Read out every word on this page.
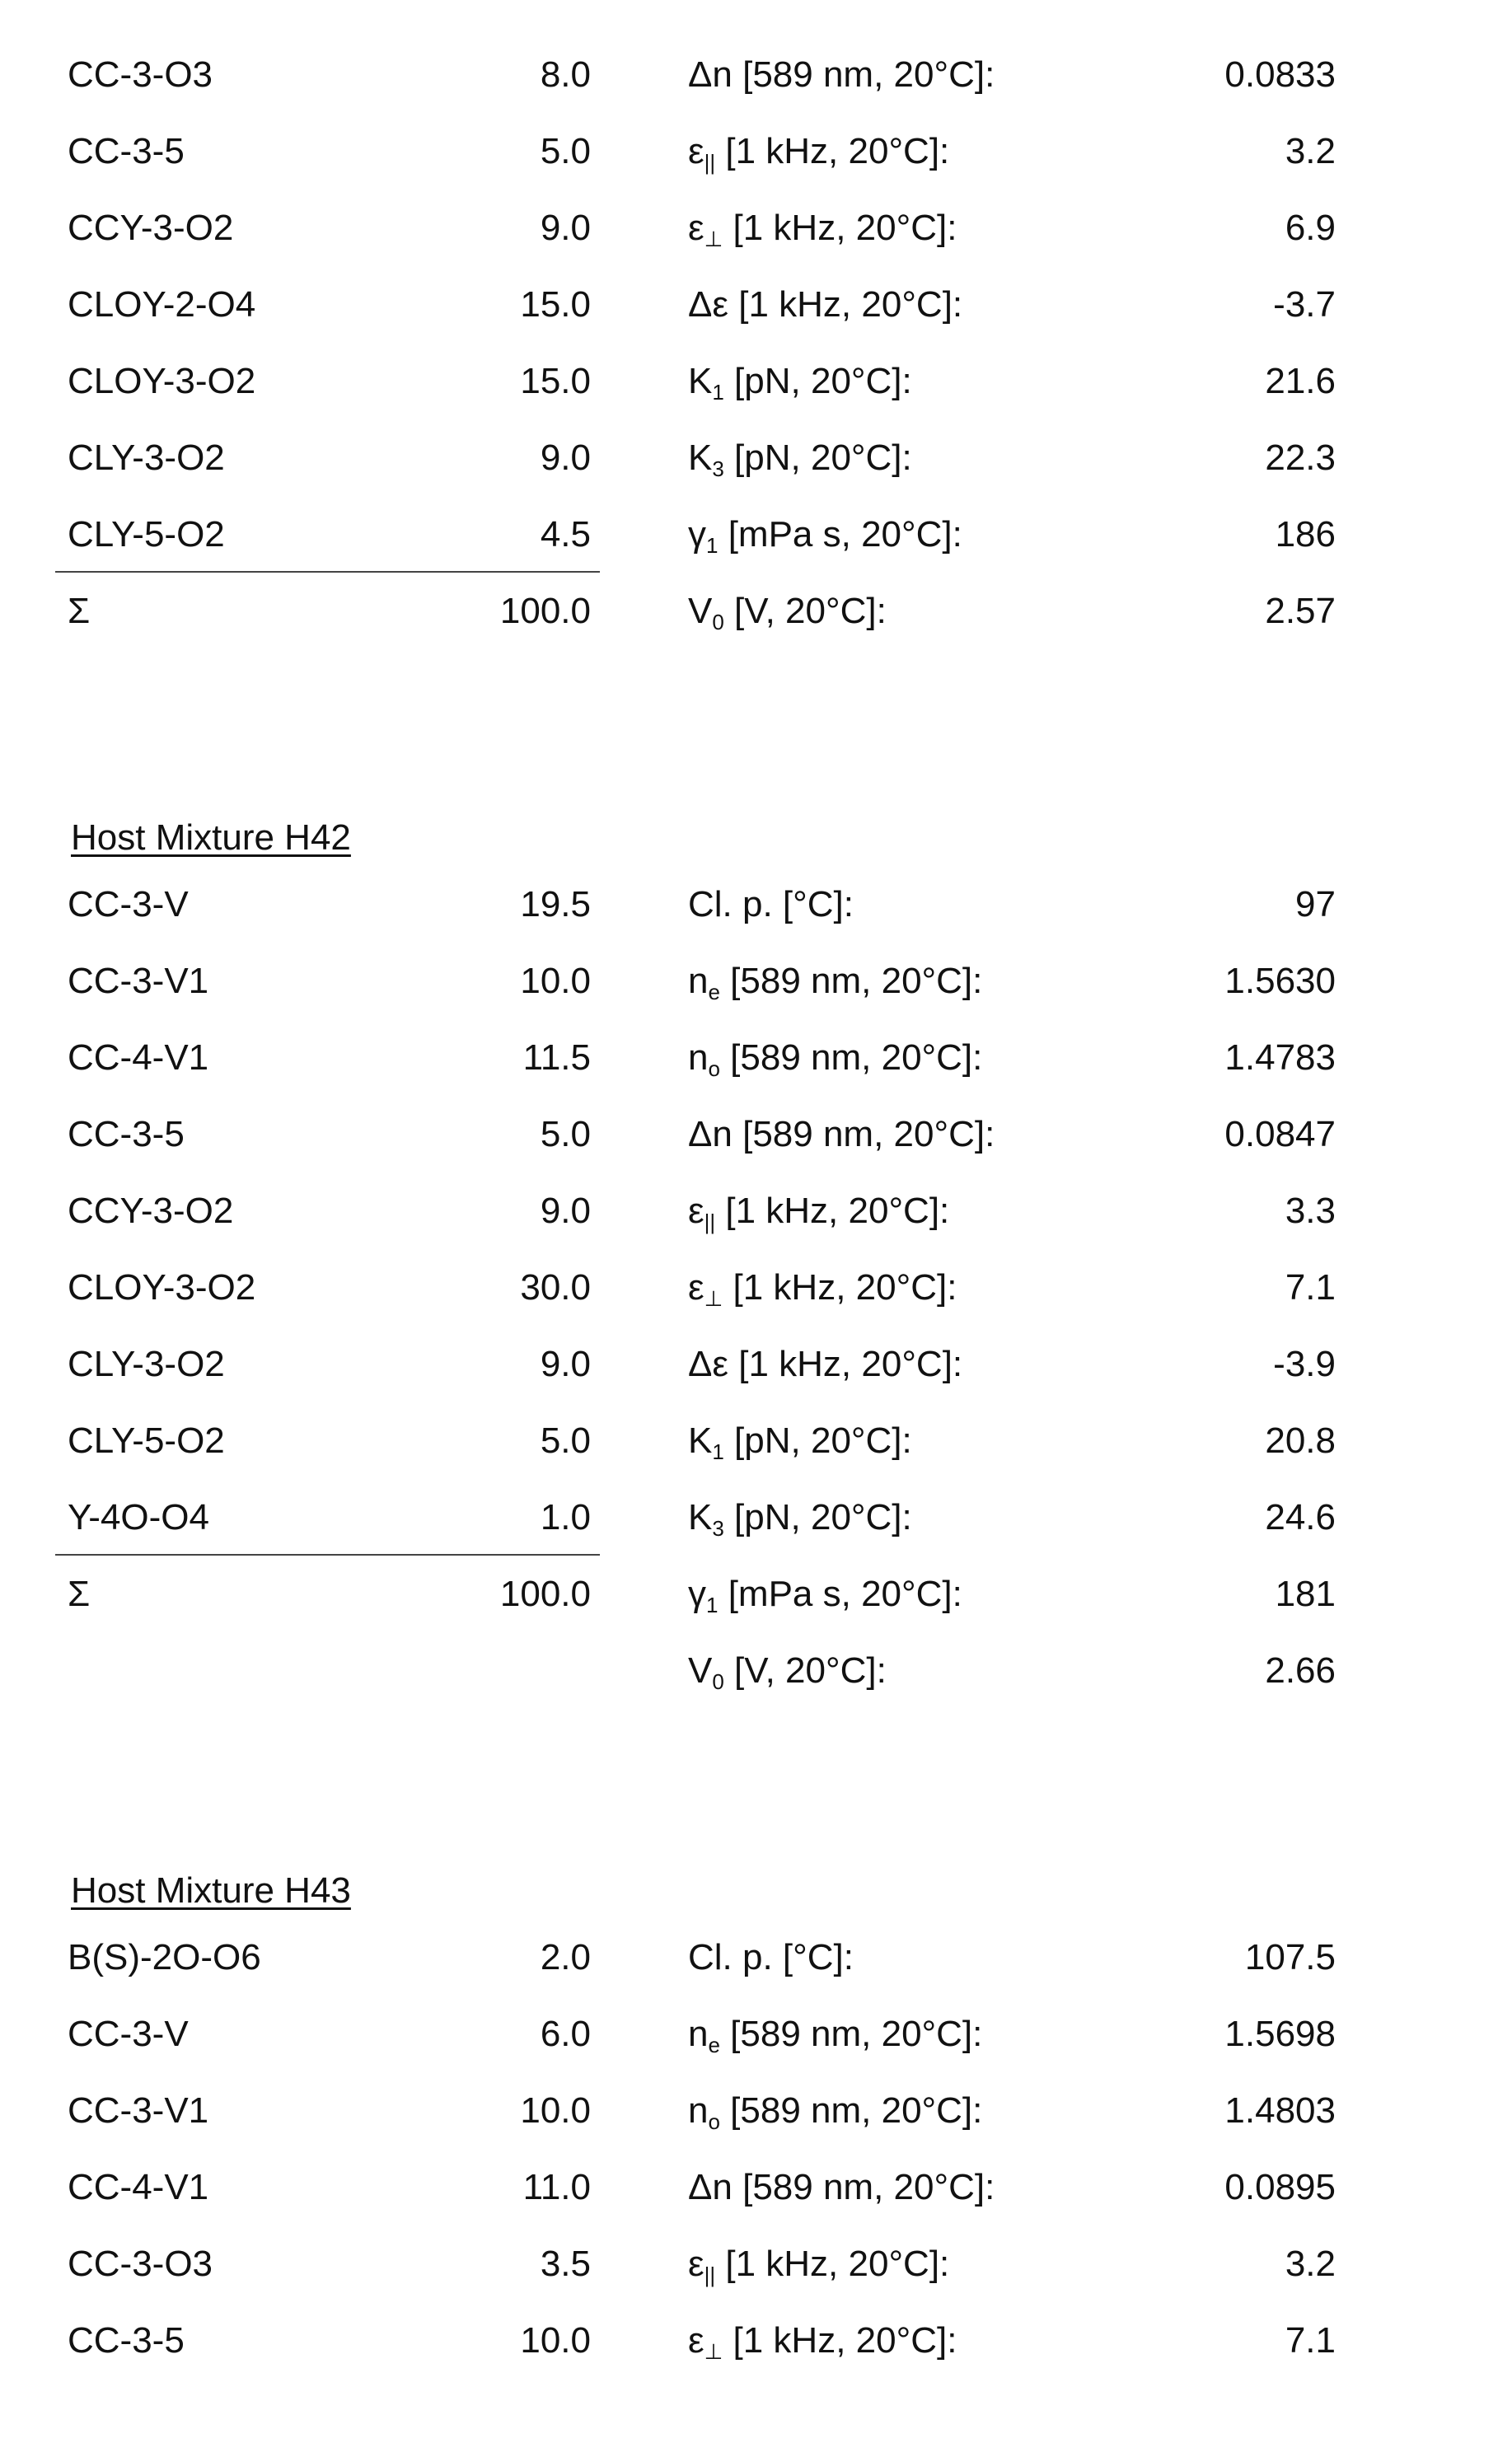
CC-3-O3	8.0
CC-3-5	5.0
CCY-3-O2	9.0
CLOY-2-O4	15.0
CLOY-3-O2	15.0
CLY-3-O2	9.0
CLY-5-O2	4.5
Σ	100.0
Δn [589 nm, 20°C]:	0.0833
ε|| [1 kHz, 20°C]:	3.2
ε⊥ [1 kHz, 20°C]:	6.9
Δε [1 kHz, 20°C]:	-3.7
K1 [pN, 20°C]:	21.6
K3 [pN, 20°C]:	22.3
γ1 [mPa s, 20°C]:	186
V0 [V, 20°C]:	2.57
Host Mixture H42
CC-3-V	19.5
CC-3-V1	10.0
CC-4-V1	11.5
CC-3-5	5.0
CCY-3-O2	9.0
CLOY-3-O2	30.0
CLY-3-O2	9.0
CLY-5-O2	5.0
Y-4O-O4	1.0
Σ	100.0
Cl. p. [°C]:	97
ne [589 nm, 20°C]:	1.5630
no [589 nm, 20°C]:	1.4783
Δn [589 nm, 20°C]:	0.0847
ε|| [1 kHz, 20°C]:	3.3
ε⊥ [1 kHz, 20°C]:	7.1
Δε [1 kHz, 20°C]:	-3.9
K1 [pN, 20°C]:	20.8
K3 [pN, 20°C]:	24.6
γ1 [mPa s, 20°C]:	181
V0 [V, 20°C]:	2.66
Host Mixture H43
B(S)-2O-O6	2.0
CC-3-V	6.0
CC-3-V1	10.0
CC-4-V1	11.0
CC-3-O3	3.5
CC-3-5	10.0
Cl. p. [°C]:	107.5
ne [589 nm, 20°C]:	1.5698
no [589 nm, 20°C]:	1.4803
Δn [589 nm, 20°C]:	0.0895
ε|| [1 kHz, 20°C]:	3.2
ε⊥ [1 kHz, 20°C]:	7.1
